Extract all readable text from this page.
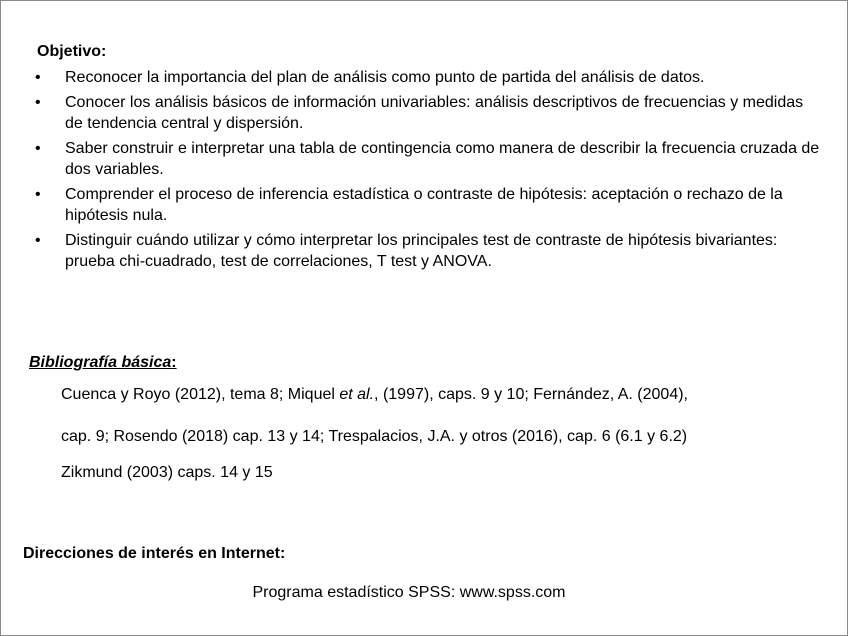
Objetivo:
• Reconocer la importancia del plan de análisis como punto de partida del análisis de datos.
• Conocer los análisis básicos de información univariables: análisis descriptivos de frecuencias y medidas de tendencia central y dispersión.
• Saber construir e interpretar una tabla de contingencia como manera de describir la frecuencia cruzada de dos variables.
• Comprender el proceso de inferencia estadística o contraste de hipótesis: aceptación o rechazo de la hipótesis nula.
• Distinguir cuándo utilizar y cómo interpretar los principales test de contraste de hipótesis bivariantes: prueba chi-cuadrado, test de correlaciones, T test y ANOVA.
Bibliografía básica:
Cuenca y Royo (2012), tema 8; Miquel et al., (1997), caps. 9 y 10; Fernández, A. (2004),
cap. 9; Rosendo (2018) cap. 13 y 14; Trespalacios, J.A. y otros (2016), cap. 6 (6.1 y 6.2)
Zikmund (2003) caps. 14 y 15
Direcciones de interés en Internet:
Programa estadístico SPSS: www.spss.com
